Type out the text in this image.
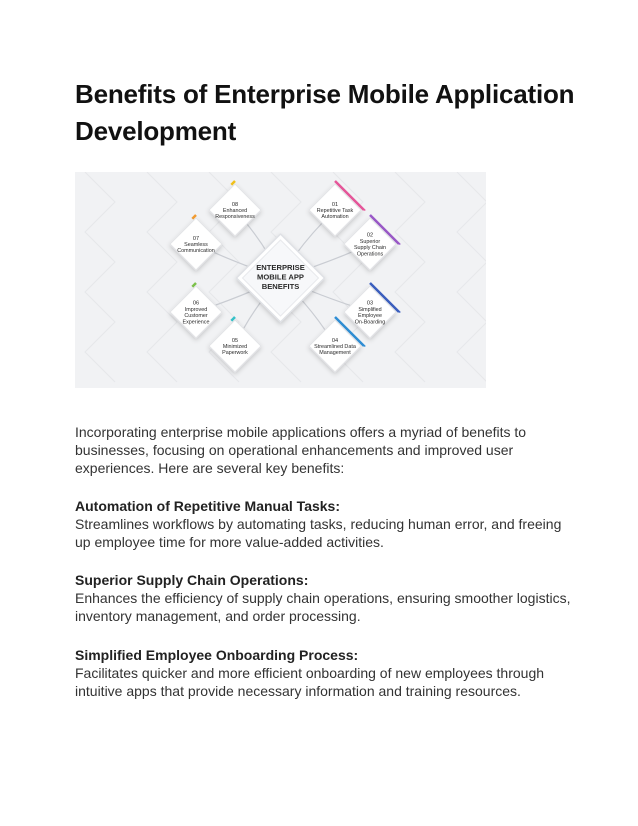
Benefits of Enterprise Mobile Application Development
01
Repetitive Task
Automation
02
Superior
Supply Chain
Operations
03
Simplified
Employee
On-Boarding
04
Streamlined Data
Management
05
Minimized
Paperwork
06
Improved
Customer
Experience
07
Seamless
Communication
08
Enhanced
Responsiveness
ENTERPRISE
MOBILE APP
BENEFITS
Incorporating enterprise mobile applications offers a myriad of benefits to businesses, focusing on operational enhancements and improved user experiences. Here are several key benefits:
Automation of Repetitive Manual Tasks:

Streamlines workflows by automating tasks, reducing human error, and freeing up employee time for more value-added activities.

Superior Supply Chain Operations:

Enhances the efficiency of supply chain operations, ensuring smoother logistics, inventory management, and order processing.

Simplified Employee Onboarding Process:

Facilitates quicker and more efficient onboarding of new employees through intuitive apps that provide necessary information and training resources.
